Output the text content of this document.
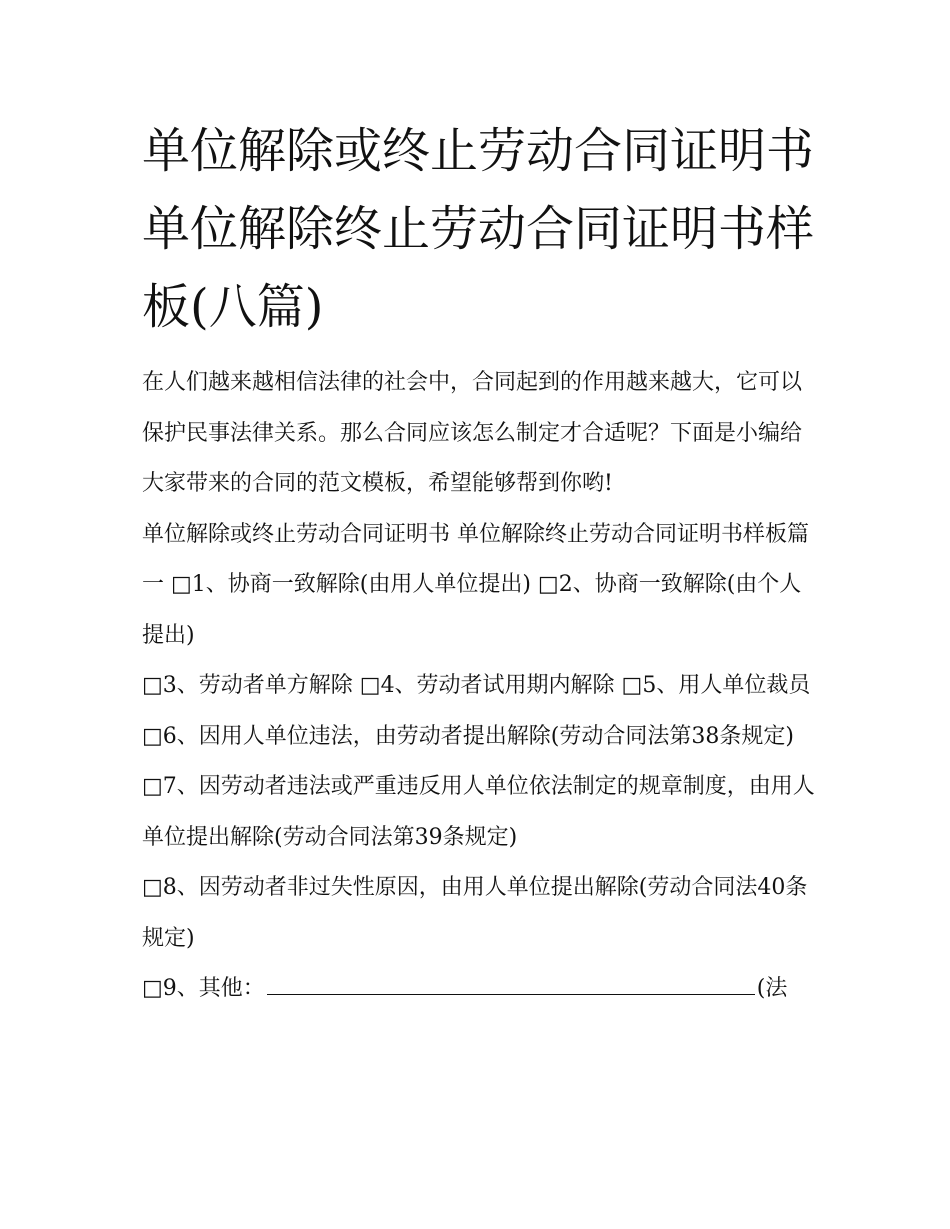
单位解除或终止劳动合同证明书 单位解除终止劳动合同证明书样板(八篇)

在人们越来越相信法律的社会中，合同起到的作用越来越大，它可以保护民事法律关系。那么合同应该怎么制定才合适呢？下面是小编给大家带来的合同的范文模板，希望能够帮到你哟!

单位解除或终止劳动合同证明书 单位解除终止劳动合同证明书样板篇一 □1、协商一致解除(由用人单位提出) □2、协商一致解除(由个人提出)

□3、劳动者单方解除 □4、劳动者试用期内解除 □5、用人单位裁员 □6、因用人单位违法，由劳动者提出解除(劳动合同法第38条规定)

□7、因劳动者违法或严重违反用人单位依法制定的规章制度，由用人单位提出解除(劳动合同法第39条规定)

□8、因劳动者非过失性原因，由用人单位提出解除(劳动合同法40条规定)

□9、其他：	(法
